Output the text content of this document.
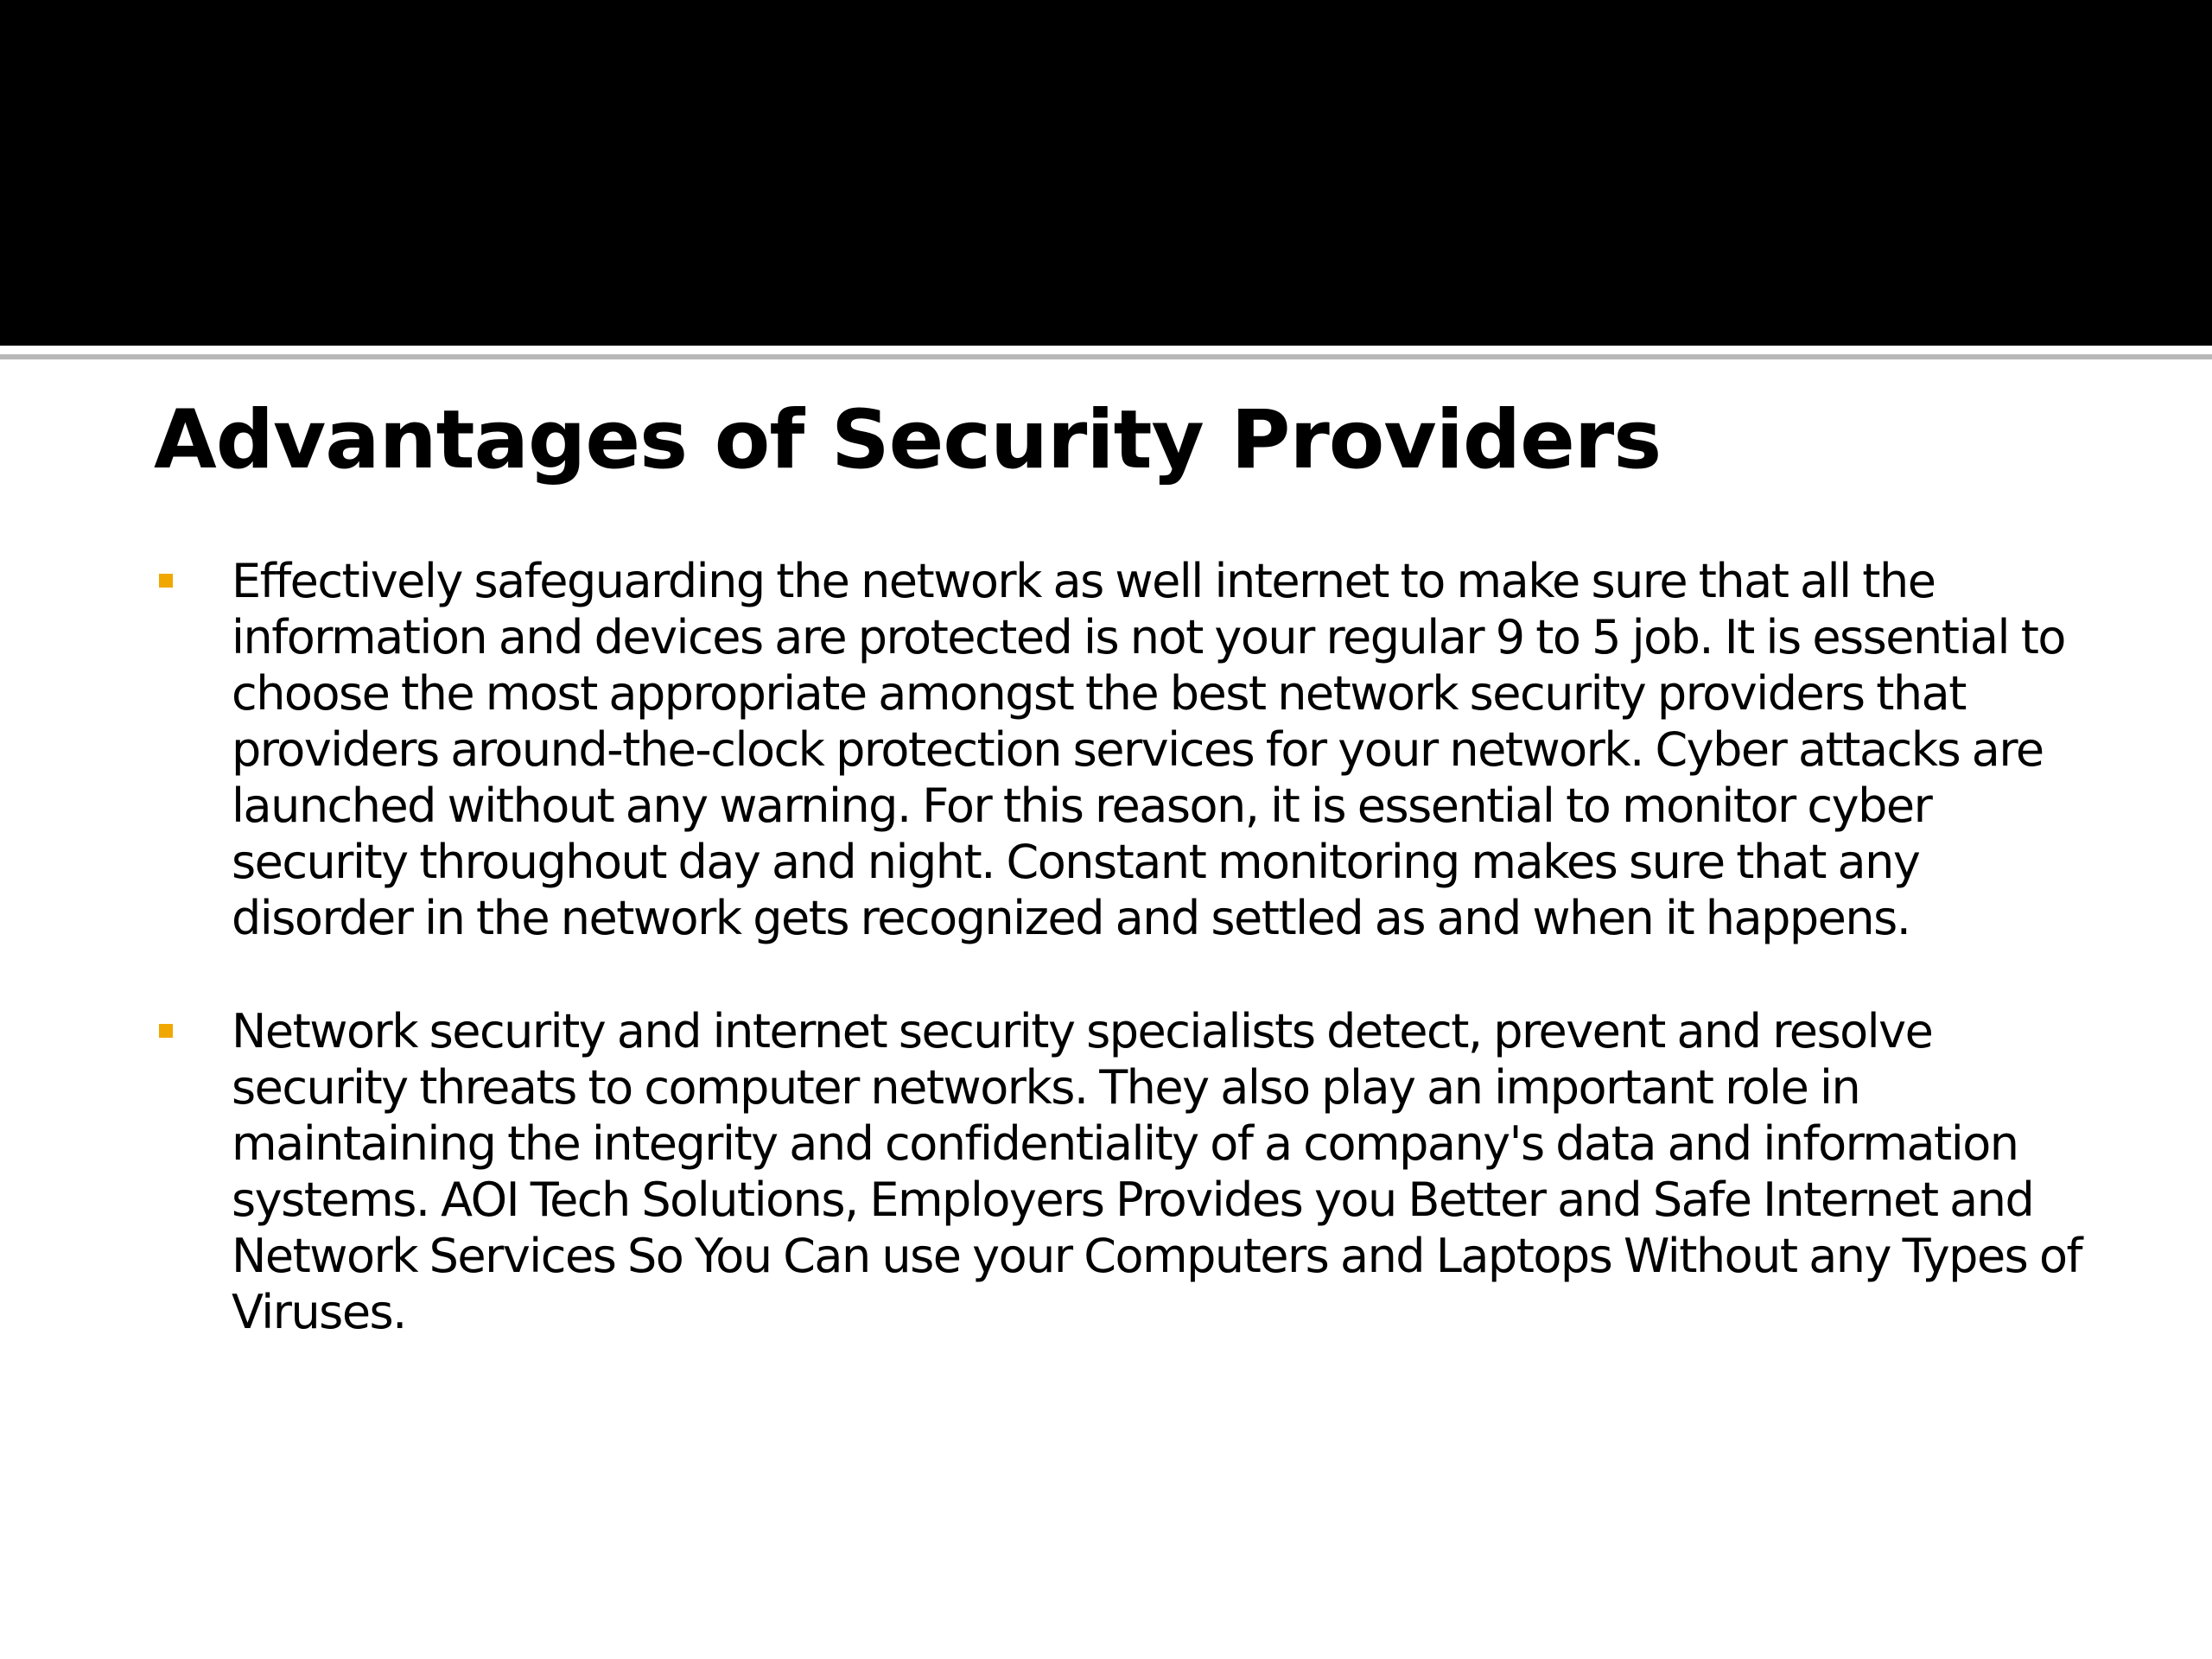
Advantages of Security Providers
Effectively safeguarding the network as well internet to make sure that all the information and devices are protected is not your regular 9 to 5 job. It is essential to choose the most appropriate amongst the best network security providers that providers around-the-clock protection services for your network. Cyber attacks are launched without any warning. For this reason, it is essential to monitor cyber security throughout day and night. Constant monitoring makes sure that any disorder in the network gets recognized and settled as and when it happens.
Network security and internet security specialists detect, prevent and resolve security threats to computer networks. They also play an important role in maintaining the integrity and confidentiality of a company's data and information systems. AOI Tech Solutions, Employers Provides you Better and Safe Internet and Network Services So You Can use your Computers and Laptops Without any Types of Viruses.
